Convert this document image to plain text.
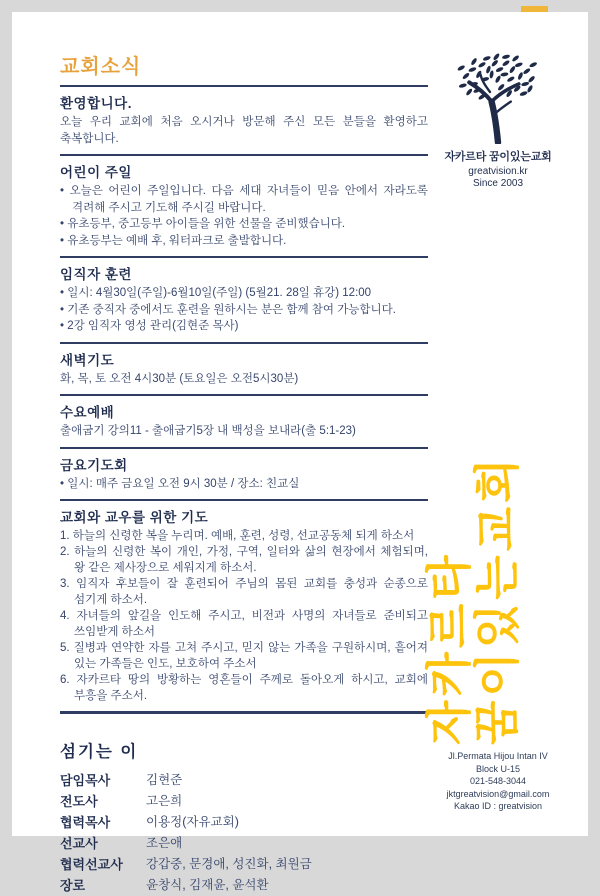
교회소식
환영합니다.
오늘 우리 교회에 처음 오시거나 방문해 주신 모든 분들을 환영하고 축복합니다.
어린이 주일
• 오늘은 어린이 주일입니다. 다음 세대 자녀들이 믿음 안에서 자라도록 격려해 주시고 기도해 주시길 바랍니다.
• 유초등부, 중고등부 아이들을 위한 선물을 준비했습니다.
• 유초등부는 예배 후, 워터파크로 출발합니다.
임직자 훈련
• 일시: 4월30일(주일)-6월10일(주일) (5월21. 28일 휴강) 12:00
• 기존 중직자 중에서도 훈련을 원하시는 분은 함께 참여 가능합니다.
• 2강 임직자 영성 관리(김현준 목사)
새벽기도
화, 목, 토 오전 4시30분 (토요일은 오전5시30분)
수요예배
출애굽기 강의11 - 출애굽기5장 내 백성을 보내라(출 5:1-23)
금요기도회
• 일시: 매주 금요일 오전 9시 30분 / 장소: 친교실
교회와 교우를 위한 기도
1. 하늘의 신령한 복을 누리며. 예배, 훈련, 성령, 선교공동체 되게 하소서
2. 하늘의 신령한 복이 개인, 가정, 구역, 일터와 삶의 현장에서 체험되며, 왕 같은 제사장으로 세워지게 하소서.
3. 임직자 후보들이 잘 훈련되어 주님의 몸된 교회를 충성과 순종으로 섬기게 하소서.
4. 자녀들의 앞길을 인도해 주시고, 비전과 사명의 자녀들로 준비되고 쓰임받게 하소서
5. 질병과 연약한 자를 고쳐 주시고, 믿지 않는 가족을 구원하시며, 흩어져 있는 가족들은 인도, 보호하여 주소서
6. 자카르타 땅의 방황하는 영혼들이 주께로 돌아오게 하시고, 교회에 부흥을 주소서.
섬기는 이
담임목사	김현준
전도사	고은희
협력목사	이용정(자유교회)
선교사	조은애
협력선교사	강갑중, 문경애, 성진화, 최원금
장로	윤창식, 김재윤, 윤석환
자카르타 꿈이있는교회
greatvision.kr
Since 2003
자카르타
꿈이있는교회
Jl.Permata Hijou Intan IV
Block U-15
021-548-3044
jktgreatvision@gmail.com
Kakao ID : greatvision
